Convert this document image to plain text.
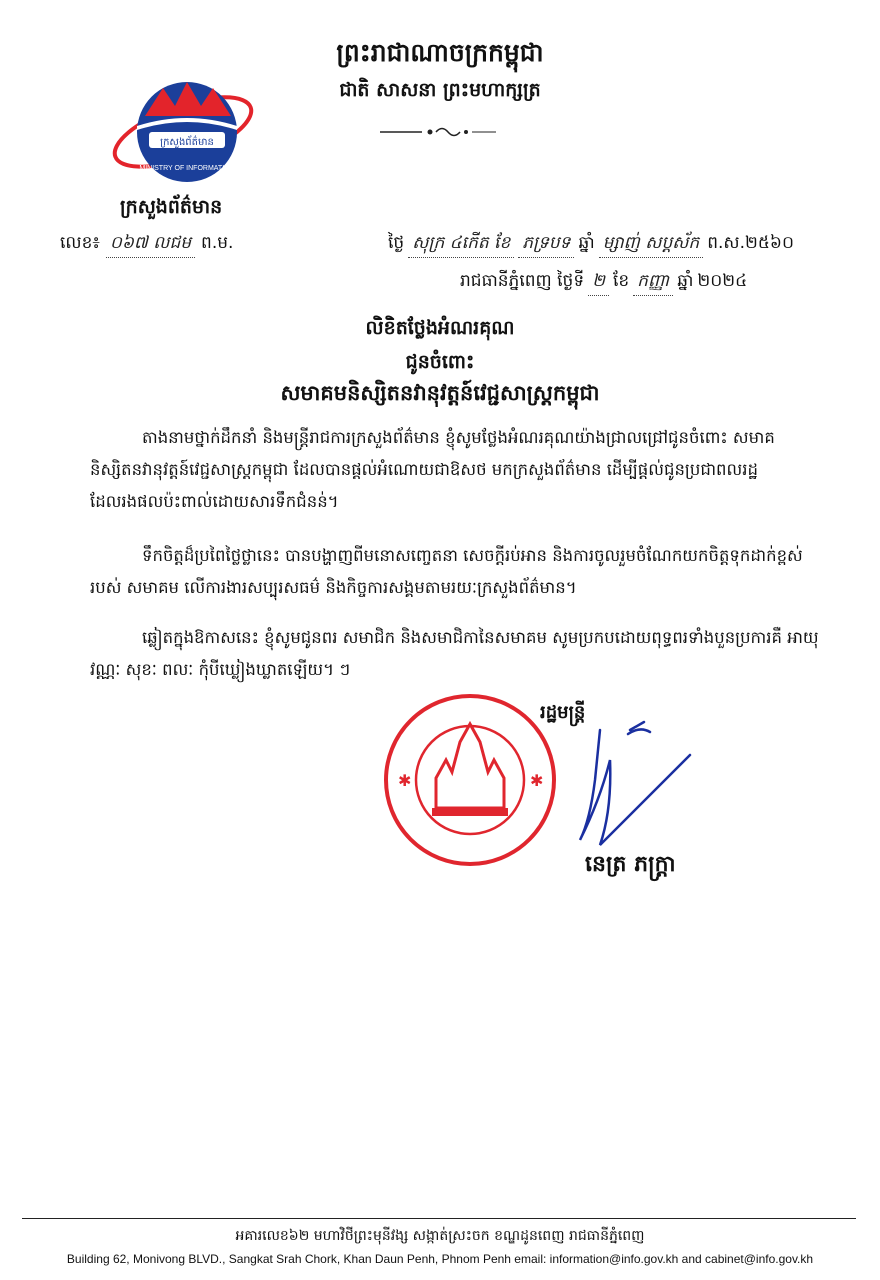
ព្រះរាជាណាចក្រកម្ពុជា
ជាតិ សាសនា ព្រះមហាក្សត្រ
ក្រសួងព័ត៌មាន
MINISTRY OF INFORMATION
ក្រសួងព័ត៌មាន
លេខ៖ ០៦៧ លជម ព.ម.	ថ្ងៃ សុក្រ ៤កើត ខែ ភទ្របទ ឆ្នាំ ម្សាញ់ សប្តស័ក ព.ស.២៥៦០
រាជធានីភ្នំពេញ ថ្ងៃទី ២ ខែ កញ្ញា ឆ្នាំ ២០២៤
លិខិតថ្លែងអំណរគុណ
ជូនចំពោះ
សមាគមនិស្សិតនវានុវត្តន៍វេជ្ជសាស្ត្រកម្ពុជា
តាងនាមថ្នាក់ដឹកនាំ និងមន្ត្រីរាជការក្រសួងព័ត៌មាន ខ្ញុំសូមថ្លែងអំណរគុណយ៉ាងជ្រាលជ្រៅជូនចំពោះ សមាគនិស្សិតនវានុវត្តន៍វេជ្ជសាស្ត្រកម្ពុជា ដែលបានផ្តល់អំណោយជាឱសថ មកក្រសួងព័ត៌មាន ដើម្បីផ្តល់ជូនប្រជាពលរដ្ឋដែលរងផលប៉ះពាល់ដោយសារទឹកជំនន់។
ទឹកចិត្តដ៏ប្រពៃថ្លៃថ្លានេះ បានបង្ហាញពីមនោសញ្ចេតនា សេចក្តីរប់អាន និងការចូលរួមចំណែកយកចិត្តទុកដាក់ខ្ពស់របស់ សមាគម លើការងារសប្បុរសធម៌ និងកិច្ចការសង្គមតាមរយៈក្រសួងព័ត៌មាន។
ឆ្លៀតក្នុងឱកាសនេះ ខ្ញុំសូមជូនពរ សមាជិក និងសមាជិកានៃសមាគម សូមប្រកបដោយពុទ្ធពរទាំងបួនប្រការគឺ អាយុ វណ្ណៈ សុខៈ ពលៈ កុំបីឃ្លៀងឃ្លាតឡើយ។ ៗ
✱	✱
រដ្ឋមន្ត្រី
នេត្រ ភក្ត្រា
អគារលេខ៦២ មហាវិថីព្រះមុនីវង្ស សង្កាត់ស្រះចក ខណ្ឌដូនពេញ រាជធានីភ្នំពេញ
Building 62, Monivong BLVD., Sangkat Srah Chork, Khan Daun Penh, Phnom Penh email: information@info.gov.kh and cabinet@info.gov.kh
